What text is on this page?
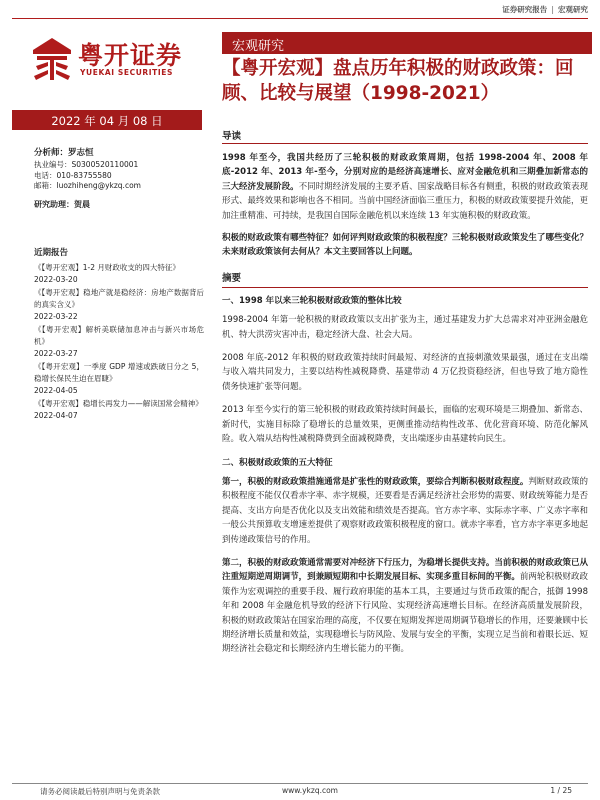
证券研究报告 | 宏观研究
粤开证券
YUEKAI SECURITIES
宏观研究
【粤开宏观】盘点历年积极的财政政策：回顾、比较与展望（1998-2021）
2022 年 04 月 08 日
导读
分析师：罗志恒
执业编号：S0300520110001
电话：010-83755580
邮箱：luozhiheng@ykzq.com
研究助理：贺晨
近期报告
《【粤开宏观】1-2 月财政收支的四大特征》
2022-03-20
《【粤开宏观】稳地产就是稳经济：房地产数据背后的真实含义》
2022-03-22
《【粤开宏观】解析美联储加息冲击与新兴市场危机》
2022-03-27
《【粤开宏观】一季度 GDP 增速或跌破日分之 5，稳增长保民生迫在眉睫》
2022-04-05
《【粤开宏观】稳增长再发力——解读国常会精神》
2022-04-07

1998 年至今，我国共经历了三轮积极的财政政策周期，包括 1998-2004 年、2008 年底-2012 年、2013 年-至今，分别对应的是经济高速增长、应对金融危机和三期叠加新常态的三大经济发展阶段。不同时期经济发展的主要矛盾、国家战略目标各有侧重，积极的财政政策表现形式、最终效果和影响也各不相同。当前中国经济面临三重压力，积极的财政政策要提升效能，更加注重精准、可持续，是我国自国际金融危机以来连续 13 年实施积极的财政政策。

积极的财政政策有哪些特征？如何评判财政政策的积极程度？三轮积极财政政策发生了哪些变化？未来财政政策该何去何从？本文主要回答以上问题。

摘要

一、1998 年以来三轮积极财政政策的整体比较

1998-2004 年第一轮积极的财政政策以支出扩张为主，通过基建发力扩大总需求对冲亚洲金融危机、特大洪涝灾害冲击，稳定经济大盘、社会大局。

2008 年底-2012 年积极的财政政策持续时间最短、对经济的直接刺激效果最强，通过在支出端与收入端共同发力，主要以结构性减税降费、基建带动 4 万亿投资稳经济，但也导致了地方隐性债务快速扩张等问题。

2013 年至今实行的第三轮积极的财政政策持续时间最长，面临的宏观环境是三期叠加、新常态、新时代，实施目标除了稳增长的总量效果，更侧重推动结构性改革、优化营商环境、防范化解风险。收入端从结构性减税降费到全面减税降费，支出端逐步由基建转向民生。

二、积极财政政策的五大特征

第一，积极的财政政策措施通常是扩张性的财政政策，要综合判断积极财政程度。判断财政政策的积极程度不能仅仅看赤字率、赤字规模，还要看是否满足经济社会形势的需要、财政统筹能力是否提高、支出方向是否优化以及支出效能和绩效是否提高。官方赤字率、实际赤字率、广义赤字率和一般公共预算收支增速差提供了观察财政政策积极程度的窗口。就赤字率看，官方赤字率更多地起到传递政策信号的作用。

第二，积极的财政政策通常需要对冲经济下行压力，为稳增长提供支持。当前积极的财政政策已从注重短期逆周期调节，到兼顾短期和中长期发展目标、实现多重目标间的平衡。前两轮积极财政政策作为宏观调控的重要手段、履行政府职能的基本工具，主要通过与货币政策的配合，抵御 1998 年和 2008 年金融危机导致的经济下行风险、实现经济高速增长目标。在经济高质量发展阶段，积极的财政政策站在国家治理的高度，不仅要在短期发挥逆周期调节稳增长的作用，还要兼顾中长期经济增长质量和效益，实现稳增长与防风险、发展与安全的平衡，实现立足当前和着眼长远、短期经济社会稳定和长期经济内生增长能力的平衡。

请务必阅读最后特别声明与免责条款	www.ykzq.com	1 / 25
